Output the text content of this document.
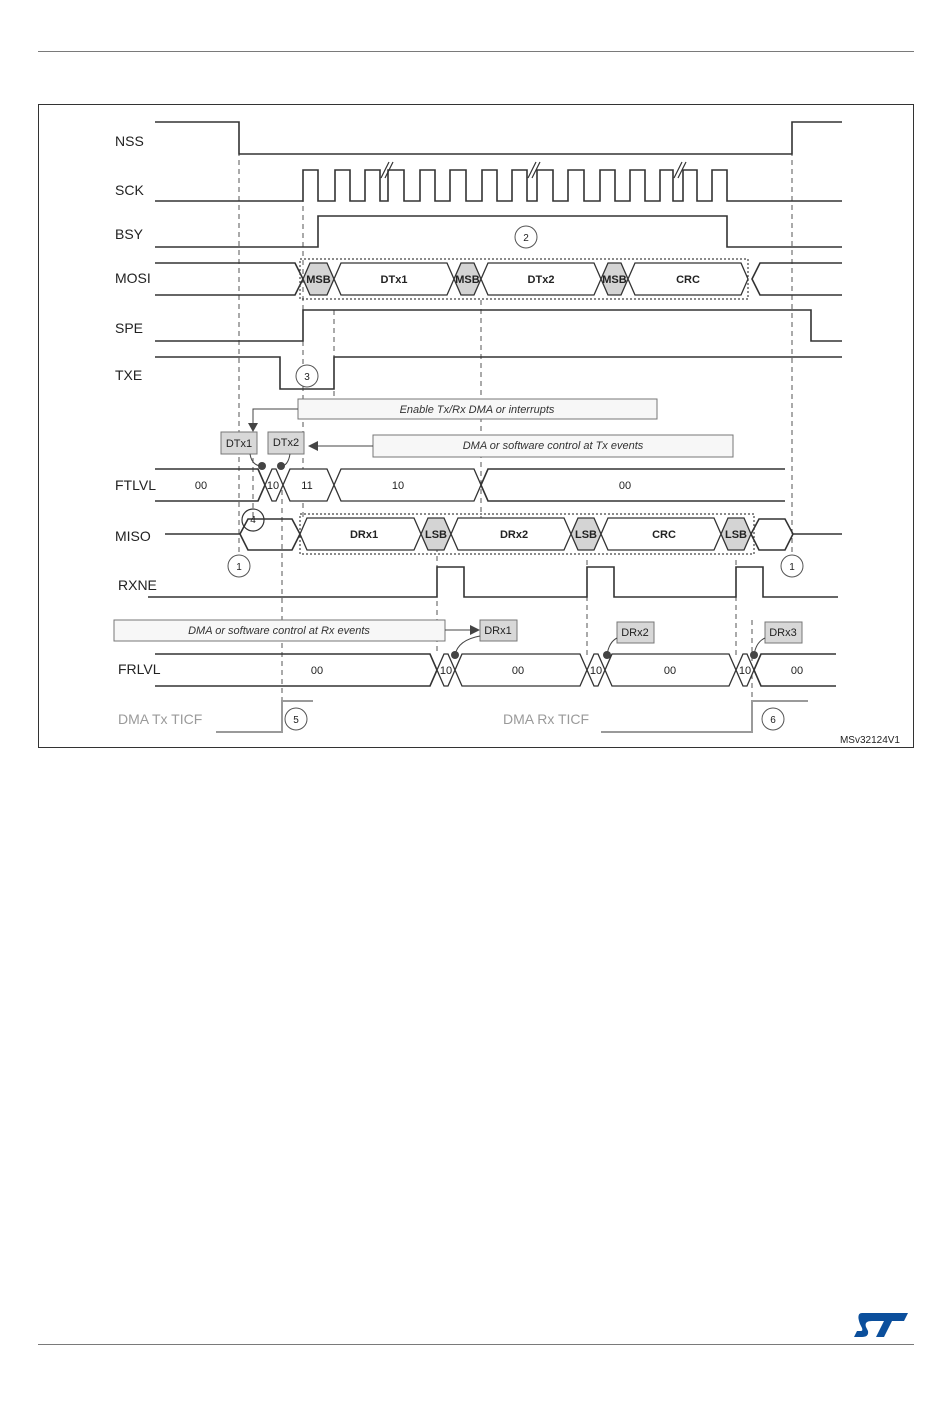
NSS
SCK
BSY
MOSI
SPE
TXE
FTLVL
MISO
RXNE
FRLVL
DMA Tx TICF	DMA Rx TICF
MSB	DTx1	MSB	DTx2	MSB	CRC
Enable Tx/Rx DMA or interrupts
DMA or software control at Tx events
DTx1 DTx2
00	10 11	10	00
DRx1	LSB	DRx2	LSB	CRC	LSB
DMA or software control at Rx events	DRx1	DRx2	DRx3
00	10	00	10	00	10	00
1	1
2
3
4
5	6
MSv32124V1
